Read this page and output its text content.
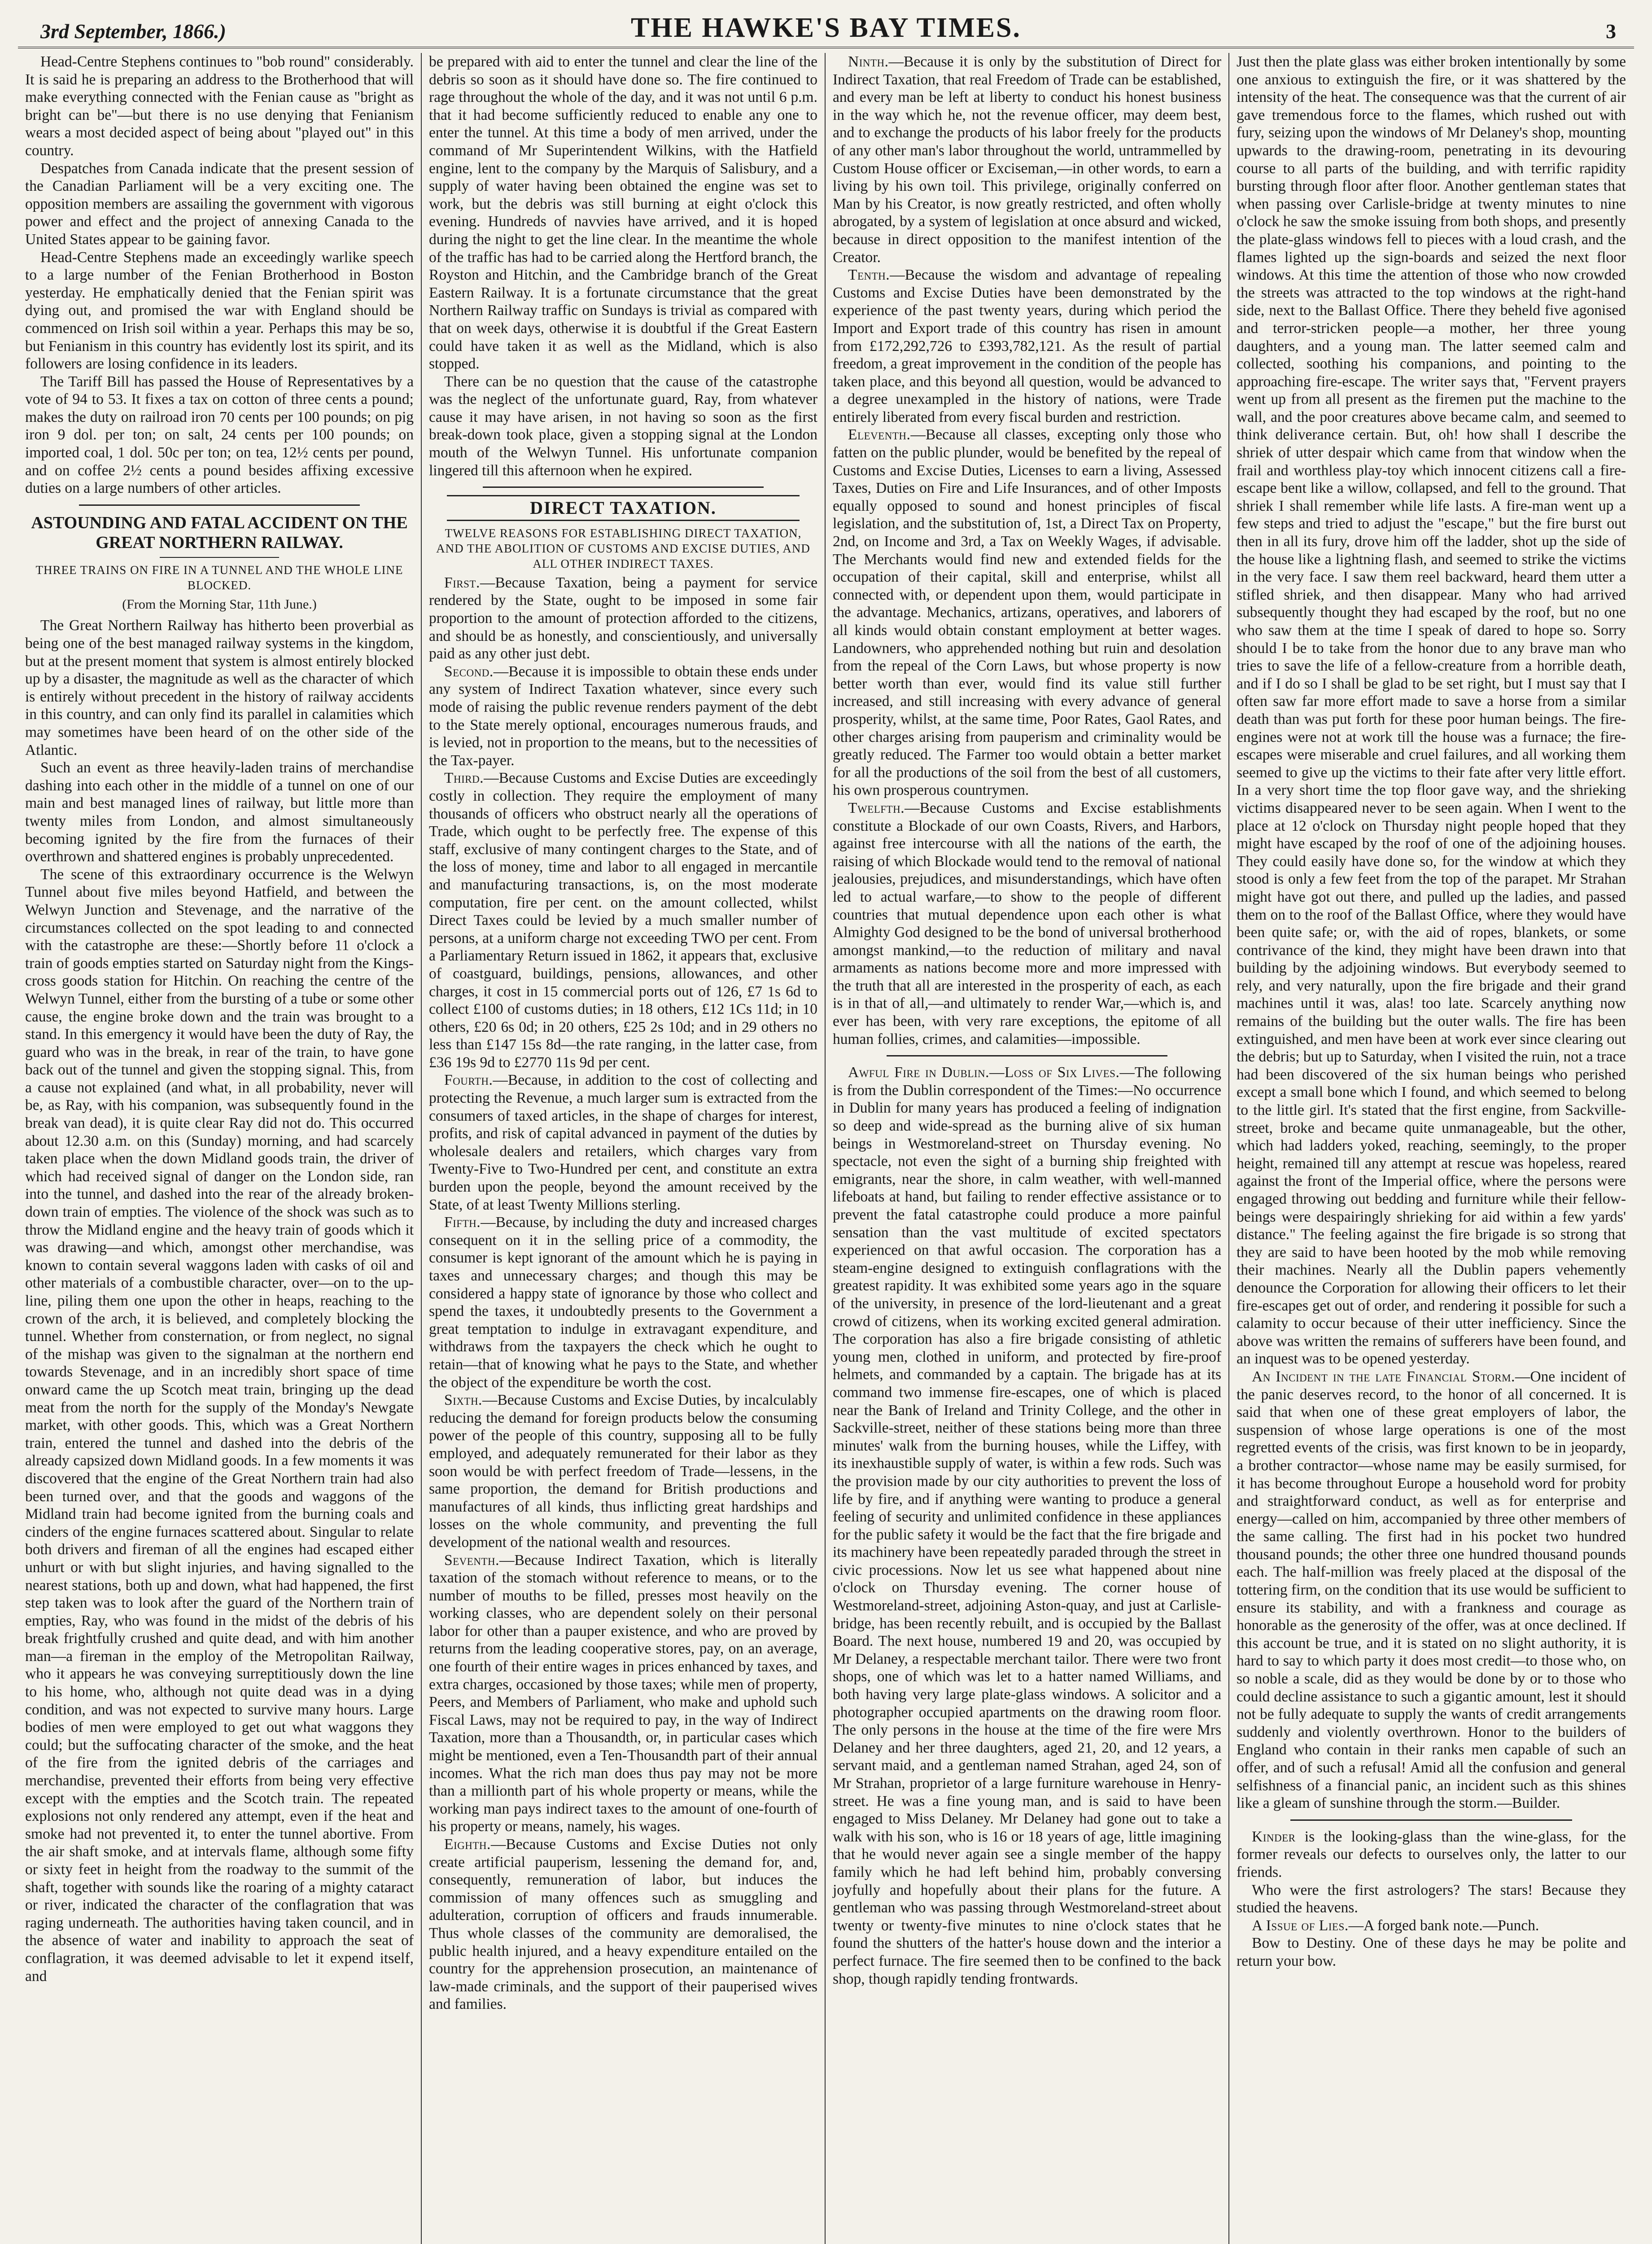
3rd September, 1866.)	THE HAWKE'S BAY TIMES.	3

Head-Centre Stephens continues to "bob round" considerably. It is said he is preparing an address to the Brotherhood that will make everything connected with the Fenian cause as "bright as bright can be"—but there is no use denying that Fenianism wears a most decided aspect of being about "played out" in this country.

Despatches from Canada indicate that the present session of the Canadian Parliament will be a very exciting one. The opposition members are assailing the government with vigorous power and effect and the project of annexing Canada to the United States appear to be gaining favor.

Head-Centre Stephens made an exceedingly warlike speech to a large number of the Fenian Brotherhood in Boston yesterday. He emphatically denied that the Fenian spirit was dying out, and promised the war with England should be commenced on Irish soil within a year. Perhaps this may be so, but Fenianism in this country has evidently lost its spirit, and its followers are losing confidence in its leaders.

The Tariff Bill has passed the House of Representatives by a vote of 94 to 53. It fixes a tax on cotton of three cents a pound; makes the duty on railroad iron 70 cents per 100 pounds; on pig iron 9 dol. per ton; on salt, 24 cents per 100 pounds; on imported coal, 1 dol. 50c per ton; on tea, 12½ cents per pound, and on coffee 2½ cents a pound besides affixing excessive duties on a large numbers of other articles.

ASTOUNDING AND FATAL ACCIDENT ON THE GREAT NORTHERN RAILWAY.
THREE TRAINS ON FIRE IN A TUNNEL AND THE WHOLE LINE BLOCKED.
(From the Morning Star, 11th June.)

The Great Northern Railway has hitherto been proverbial as being one of the best managed railway systems in the kingdom, but at the present moment that system is almost entirely blocked up by a disaster, the magnitude as well as the character of which is entirely without precedent in the history of railway accidents in this country, and can only find its parallel in calamities which may sometimes have been heard of on the other side of the Atlantic.

Such an event as three heavily-laden trains of merchandise dashing into each other in the middle of a tunnel on one of our main and best managed lines of railway, but little more than twenty miles from London, and almost simultaneously becoming ignited by the fire from the furnaces of their overthrown and shattered engines is probably unprecedented.

The scene of this extraordinary occurrence is the Welwyn Tunnel about five miles beyond Hatfield, and between the Welwyn Junction and Stevenage, and the narrative of the circumstances collected on the spot leading to and connected with the catastrophe are these:—Shortly before 11 o'clock a train of goods empties started on Saturday night from the Kings-cross goods station for Hitchin. On reaching the centre of the Welwyn Tunnel, either from the bursting of a tube or some other cause, the engine broke down and the train was brought to a stand. In this emergency it would have been the duty of Ray, the guard who was in the break, in rear of the train, to have gone back out of the tunnel and given the stopping signal. This, from a cause not explained (and what, in all probability, never will be, as Ray, with his companion, was subsequently found in the break van dead), it is quite clear Ray did not do. This occurred about 12.30 a.m. on this (Sunday) morning, and had scarcely taken place when the down Midland goods train, the driver of which had received signal of danger on the London side, ran into the tunnel, and dashed into the rear of the already broken-down train of empties. The violence of the shock was such as to throw the Midland engine and the heavy train of goods which it was drawing—and which, amongst other merchandise, was known to contain several waggons laden with casks of oil and other materials of a combustible character, over—on to the up-line, piling them one upon the other in heaps, reaching to the crown of the arch, it is believed, and completely blocking the tunnel. Whether from consternation, or from neglect, no signal of the mishap was given to the signalman at the northern end towards Stevenage, and in an incredibly short space of time onward came the up Scotch meat train, bringing up the dead meat from the north for the supply of the Monday's Newgate market, with other goods. This, which was a Great Northern train, entered the tunnel and dashed into the debris of the already capsized down Midland goods. In a few moments it was discovered that the engine of the Great Northern train had also been turned over, and that the goods and waggons of the Midland train had become ignited from the burning coals and cinders of the engine furnaces scattered about. Singular to relate both drivers and fireman of all the engines had escaped either unhurt or with but slight injuries, and having signalled to the nearest stations, both up and down, what had happened, the first step taken was to look after the guard of the Northern train of empties, Ray, who was found in the midst of the debris of his break frightfully crushed and quite dead, and with him another man—a fireman in the employ of the Metropolitan Railway, who it appears he was conveying surreptitiously down the line to his home, who, although not quite dead was in a dying condition, and was not expected to survive many hours. Large bodies of men were employed to get out what waggons they could; but the suffocating character of the smoke, and the heat of the fire from the ignited debris of the carriages and merchandise, prevented their efforts from being very effective except with the empties and the Scotch train. The repeated explosions not only rendered any attempt, even if the heat and smoke had not prevented it, to enter the tunnel abortive. From the air shaft smoke, and at intervals flame, although some fifty or sixty feet in height from the roadway to the summit of the shaft, together with sounds like the roaring of a mighty cataract or river, indicated the character of the conflagration that was raging underneath. The authorities having taken council, and in the absence of water and inability to approach the seat of conflagration, it was deemed advisable to let it expend itself, and

be prepared with aid to enter the tunnel and clear the line of the debris so soon as it should have done so. The fire continued to rage throughout the whole of the day, and it was not until 6 p.m. that it had become sufficiently reduced to enable any one to enter the tunnel. At this time a body of men arrived, under the command of Mr Superintendent Wilkins, with the Hatfield engine, lent to the company by the Marquis of Salisbury, and a supply of water having been obtained the engine was set to work, but the debris was still burning at eight o'clock this evening. Hundreds of navvies have arrived, and it is hoped during the night to get the line clear. In the meantime the whole of the traffic has had to be carried along the Hertford branch, the Royston and Hitchin, and the Cambridge branch of the Great Eastern Railway. It is a fortunate circumstance that the great Northern Railway traffic on Sundays is trivial as compared with that on week days, otherwise it is doubtful if the Great Eastern could have taken it as well as the Midland, which is also stopped.

There can be no question that the cause of the catastrophe was the neglect of the unfortunate guard, Ray, from whatever cause it may have arisen, in not having so soon as the first break-down took place, given a stopping signal at the London mouth of the Welwyn Tunnel. His unfortunate companion lingered till this afternoon when he expired.

DIRECT TAXATION.
TWELVE REASONS FOR ESTABLISHING DIRECT TAXATION, AND THE ABOLITION OF CUSTOMS AND EXCISE DUTIES, AND ALL OTHER INDIRECT TAXES.

First.—Because Taxation, being a payment for service rendered by the State, ought to be imposed in some fair proportion to the amount of protection afforded to the citizens, and should be as honestly, and conscientiously, and universally paid as any other just debt.

Second.—Because it is impossible to obtain these ends under any system of Indirect Taxation whatever, since every such mode of raising the public revenue renders payment of the debt to the State merely optional, encourages numerous frauds, and is levied, not in proportion to the means, but to the necessities of the Tax-payer.

Third.—Because Customs and Excise Duties are exceedingly costly in collection. They require the employment of many thousands of officers who obstruct nearly all the operations of Trade, which ought to be perfectly free. The expense of this staff, exclusive of many contingent charges to the State, and of the loss of money, time and labor to all engaged in mercantile and manufacturing transactions, is, on the most moderate computation, fire per cent. on the amount collected, whilst Direct Taxes could be levied by a much smaller number of persons, at a uniform charge not exceeding TWO per cent. From a Parliamentary Return issued in 1862, it appears that, exclusive of coastguard, buildings, pensions, allowances, and other charges, it cost in 15 commercial ports out of 126, £7 1s 6d to collect £100 of customs duties; in 18 others, £12 1Cs 11d; in 10 others, £20 6s 0d; in 20 others, £25 2s 10d; and in 29 others no less than £147 15s 8d—the rate ranging, in the latter case, from £36 19s 9d to £2770 11s 9d per cent.

Fourth.—Because, in addition to the cost of collecting and protecting the Revenue, a much larger sum is extracted from the consumers of taxed articles, in the shape of charges for interest, profits, and risk of capital advanced in payment of the duties by wholesale dealers and retailers, which charges vary from Twenty-Five to Two-Hundred per cent, and constitute an extra burden upon the people, beyond the amount received by the State, of at least Twenty Millions sterling.

Fifth.—Because, by including the duty and increased charges consequent on it in the selling price of a commodity, the consumer is kept ignorant of the amount which he is paying in taxes and unnecessary charges; and though this may be considered a happy state of ignorance by those who collect and spend the taxes, it undoubtedly presents to the Government a great temptation to indulge in extravagant expenditure, and withdraws from the taxpayers the check which he ought to retain—that of knowing what he pays to the State, and whether the object of the expenditure be worth the cost.

Sixth.—Because Customs and Excise Duties, by incalculably reducing the demand for foreign products below the consuming power of the people of this country, supposing all to be fully employed, and adequately remunerated for their labor as they soon would be with perfect freedom of Trade—lessens, in the same proportion, the demand for British productions and manufactures of all kinds, thus inflicting great hardships and losses on the whole community, and preventing the full development of the national wealth and resources.

Seventh.—Because Indirect Taxation, which is literally taxation of the stomach without reference to means, or to the number of mouths to be filled, presses most heavily on the working classes, who are dependent solely on their personal labor for other than a pauper existence, and who are proved by returns from the leading cooperative stores, pay, on an average, one fourth of their entire wages in prices enhanced by taxes, and extra charges, occasioned by those taxes; while men of property, Peers, and Members of Parliament, who make and uphold such Fiscal Laws, may not be required to pay, in the way of Indirect Taxation, more than a Thousandth, or, in particular cases which might be mentioned, even a Ten-Thousandth part of their annual incomes. What the rich man does thus pay may not be more than a millionth part of his whole property or means, while the working man pays indirect taxes to the amount of one-fourth of his property or means, namely, his wages.

Eighth.—Because Customs and Excise Duties not only create artificial pauperism, lessening the demand for, and, consequently, remuneration of labor, but induces the commission of many offences such as smuggling and adulteration, corruption of officers and frauds innumerable. Thus whole classes of the community are demoralised, the public health injured, and a heavy expenditure entailed on the country for the apprehension prosecution, an maintenance of law-made criminals, and the support of their pauperised wives and families.

Ninth.—Because it is only by the substitution of Direct for Indirect Taxation, that real Freedom of Trade can be established, and every man be left at liberty to conduct his honest business in the way which he, not the revenue officer, may deem best, and to exchange the products of his labor freely for the products of any other man's labor throughout the world, untrammelled by Custom House officer or Exciseman,—in other words, to earn a living by his own toil. This privilege, originally conferred on Man by his Creator, is now greatly restricted, and often wholly abrogated, by a system of legislation at once absurd and wicked, because in direct opposition to the manifest intention of the Creator.

Tenth.—Because the wisdom and advantage of repealing Customs and Excise Duties have been demonstrated by the experience of the past twenty years, during which period the Import and Export trade of this country has risen in amount from £172,292,726 to £393,782,121. As the result of partial freedom, a great improvement in the condition of the people has taken place, and this beyond all question, would be advanced to a degree unexampled in the history of nations, were Trade entirely liberated from every fiscal burden and restriction.

Eleventh.—Because all classes, excepting only those who fatten on the public plunder, would be benefited by the repeal of Customs and Excise Duties, Licenses to earn a living, Assessed Taxes, Duties on Fire and Life Insurances, and of other Imposts equally opposed to sound and honest principles of fiscal legislation, and the substitution of, 1st, a Direct Tax on Property, 2nd, on Income and 3rd, a Tax on Weekly Wages, if advisable. The Merchants would find new and extended fields for the occupation of their capital, skill and enterprise, whilst all connected with, or dependent upon them, would participate in the advantage. Mechanics, artizans, operatives, and laborers of all kinds would obtain constant employment at better wages. Landowners, who apprehended nothing but ruin and desolation from the repeal of the Corn Laws, but whose property is now better worth than ever, would find its value still further increased, and still increasing with every advance of general prosperity, whilst, at the same time, Poor Rates, Gaol Rates, and other charges arising from pauperism and criminality would be greatly reduced. The Farmer too would obtain a better market for all the productions of the soil from the best of all customers, his own prosperous countrymen.

Twelfth.—Because Customs and Excise establishments constitute a Blockade of our own Coasts, Rivers, and Harbors, against free intercourse with all the nations of the earth, the raising of which Blockade would tend to the removal of national jealousies, prejudices, and misunderstandings, which have often led to actual warfare,—to show to the people of different countries that mutual dependence upon each other is what Almighty God designed to be the bond of universal brotherhood amongst mankind,—to the reduction of military and naval armaments as nations become more and more impressed with the truth that all are interested in the prosperity of each, as each is in that of all,—and ultimately to render War,—which is, and ever has been, with very rare exceptions, the epitome of all human follies, crimes, and calamities—impossible.

Awful Fire in Dublin.—Loss of Six Lives.—The following is from the Dublin correspondent of the Times:—No occurrence in Dublin for many years has produced a feeling of indignation so deep and wide-spread as the burning alive of six human beings in Westmoreland-street on Thursday evening. No spectacle, not even the sight of a burning ship freighted with emigrants, near the shore, in calm weather, with well-manned lifeboats at hand, but failing to render effective assistance or to prevent the fatal catastrophe could produce a more painful sensation than the vast multitude of excited spectators experienced on that awful occasion. The corporation has a steam-engine designed to extinguish conflagrations with the greatest rapidity. It was exhibited some years ago in the square of the university, in presence of the lord-lieutenant and a great crowd of citizens, when its working excited general admiration. The corporation has also a fire brigade consisting of athletic young men, clothed in uniform, and protected by fire-proof helmets, and commanded by a captain. The brigade has at its command two immense fire-escapes, one of which is placed near the Bank of Ireland and Trinity College, and the other in Sackville-street, neither of these stations being more than three minutes' walk from the burning houses, while the Liffey, with its inexhaustible supply of water, is within a few rods. Such was the provision made by our city authorities to prevent the loss of life by fire, and if anything were wanting to produce a general feeling of security and unlimited confidence in these appliances for the public safety it would be the fact that the fire brigade and its machinery have been repeatedly paraded through the street in civic processions. Now let us see what happened about nine o'clock on Thursday evening. The corner house of Westmoreland-street, adjoining Aston-quay, and just at Carlisle-bridge, has been recently rebuilt, and is occupied by the Ballast Board. The next house, numbered 19 and 20, was occupied by Mr Delaney, a respectable merchant tailor. There were two front shops, one of which was let to a hatter named Williams, and both having very large plate-glass windows. A solicitor and a photographer occupied apartments on the drawing room floor. The only persons in the house at the time of the fire were Mrs Delaney and her three daughters, aged 21, 20, and 12 years, a servant maid, and a gentleman named Strahan, aged 24, son of Mr Strahan, proprietor of a large furniture warehouse in Henry-street. He was a fine young man, and is said to have been engaged to Miss Delaney. Mr Delaney had gone out to take a walk with his son, who is 16 or 18 years of age, little imagining that he would never again see a single member of the happy family which he had left behind him, probably conversing joyfully and hopefully about their plans for the future. A gentleman who was passing through Westmoreland-street about twenty or twenty-five minutes to nine o'clock states that he found the shutters of the hatter's house down and the interior a perfect furnace. The fire seemed then to be confined to the back shop, though rapidly tending frontwards.

Just then the plate glass was either broken intentionally by some one anxious to extinguish the fire, or it was shattered by the intensity of the heat. The consequence was that the current of air gave tremendous force to the flames, which rushed out with fury, seizing upon the windows of Mr Delaney's shop, mounting upwards to the drawing-room, penetrating in its devouring course to all parts of the building, and with terrific rapidity bursting through floor after floor. Another gentleman states that when passing over Carlisle-bridge at twenty minutes to nine o'clock he saw the smoke issuing from both shops, and presently the plate-glass windows fell to pieces with a loud crash, and the flames lighted up the sign-boards and seized the next floor windows. At this time the attention of those who now crowded the streets was attracted to the top windows at the right-hand side, next to the Ballast Office. There they beheld five agonised and terror-stricken people—a mother, her three young daughters, and a young man. The latter seemed calm and collected, soothing his companions, and pointing to the approaching fire-escape. The writer says that, "Fervent prayers went up from all present as the firemen put the machine to the wall, and the poor creatures above became calm, and seemed to think deliverance certain. But, oh! how shall I describe the shriek of utter despair which came from that window when the frail and worthless play-toy which innocent citizens call a fire-escape bent like a willow, collapsed, and fell to the ground. That shriek I shall remember while life lasts. A fire-man went up a few steps and tried to adjust the "escape," but the fire burst out then in all its fury, drove him off the ladder, shot up the side of the house like a lightning flash, and seemed to strike the victims in the very face. I saw them reel backward, heard them utter a stifled shriek, and then disappear. Many who had arrived subsequently thought they had escaped by the roof, but no one who saw them at the time I speak of dared to hope so. Sorry should I be to take from the honor due to any brave man who tries to save the life of a fellow-creature from a horrible death, and if I do so I shall be glad to be set right, but I must say that I often saw far more effort made to save a horse from a similar death than was put forth for these poor human beings. The fire-engines were not at work till the house was a furnace; the fire-escapes were miserable and cruel failures, and all working them seemed to give up the victims to their fate after very little effort. In a very short time the top floor gave way, and the shrieking victims disappeared never to be seen again. When I went to the place at 12 o'clock on Thursday night people hoped that they might have escaped by the roof of one of the adjoining houses. They could easily have done so, for the window at which they stood is only a few feet from the top of the parapet. Mr Strahan might have got out there, and pulled up the ladies, and passed them on to the roof of the Ballast Office, where they would have been quite safe; or, with the aid of ropes, blankets, or some contrivance of the kind, they might have been drawn into that building by the adjoining windows. But everybody seemed to rely, and very naturally, upon the fire brigade and their grand machines until it was, alas! too late. Scarcely anything now remains of the building but the outer walls. The fire has been extinguished, and men have been at work ever since clearing out the debris; but up to Saturday, when I visited the ruin, not a trace had been discovered of the six human beings who perished except a small bone which I found, and which seemed to belong to the little girl. It's stated that the first engine, from Sackville-street, broke and became quite unmanageable, but the other, which had ladders yoked, reaching, seemingly, to the proper height, remained till any attempt at rescue was hopeless, reared against the front of the Imperial office, where the persons were engaged throwing out bedding and furniture while their fellow-beings were despairingly shrieking for aid within a few yards' distance." The feeling against the fire brigade is so strong that they are said to have been hooted by the mob while removing their machines. Nearly all the Dublin papers vehemently denounce the Corporation for allowing their officers to let their fire-escapes get out of order, and rendering it possible for such a calamity to occur because of their utter inefficiency. Since the above was written the remains of sufferers have been found, and an inquest was to be opened yesterday.

An Incident in the late Financial Storm.—One incident of the panic deserves record, to the honor of all concerned. It is said that when one of these great employers of labor, the suspension of whose large operations is one of the most regretted events of the crisis, was first known to be in jeopardy, a brother contractor—whose name may be easily surmised, for it has become throughout Europe a household word for probity and straightforward conduct, as well as for enterprise and energy—called on him, accompanied by three other members of the same calling. The first had in his pocket two hundred thousand pounds; the other three one hundred thousand pounds each. The half-million was freely placed at the disposal of the tottering firm, on the condition that its use would be sufficient to ensure its stability, and with a frankness and courage as honorable as the generosity of the offer, was at once declined. If this account be true, and it is stated on no slight authority, it is hard to say to which party it does most credit—to those who, on so noble a scale, did as they would be done by or to those who could decline assistance to such a gigantic amount, lest it should not be fully adequate to supply the wants of credit arrangements suddenly and violently overthrown. Honor to the builders of England who contain in their ranks men capable of such an offer, and of such a refusal! Amid all the confusion and general selfishness of a financial panic, an incident such as this shines like a gleam of sunshine through the storm.—Builder.

Kinder is the looking-glass than the wine-glass, for the former reveals our defects to ourselves only, the latter to our friends.

Who were the first astrologers? The stars! Because they studied the heavens.

A Issue of Lies.—A forged bank note.—Punch.

Bow to Destiny. One of these days he may be polite and return your bow.
